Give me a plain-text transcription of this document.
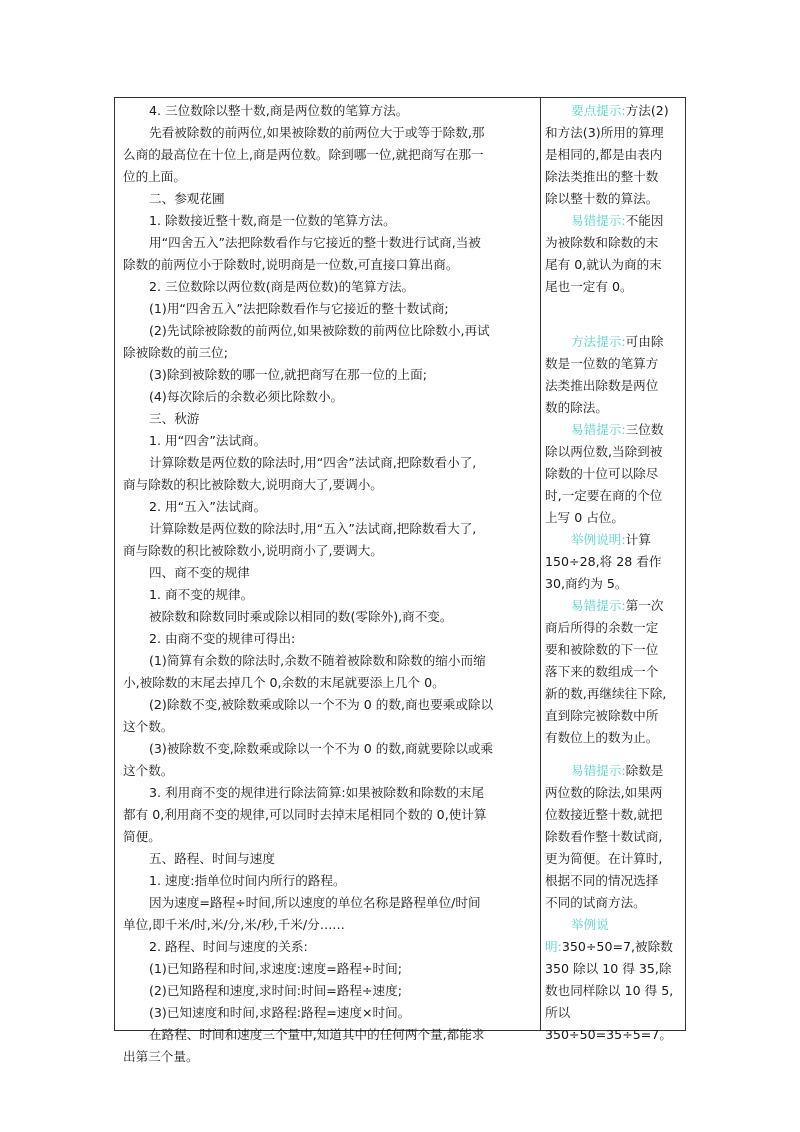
4. 三位数除以整十数,商是两位数的笔算方法。
先看被除数的前两位,如果被除数的前两位大于或等于除数,那
么商的最高位在十位上,商是两位数。除到哪一位,就把商写在那一
位的上面。
二、参观花圃
1. 除数接近整十数,商是一位数的笔算方法。
用“四舍五入”法把除数看作与它接近的整十数进行试商,当被
除数的前两位小于除数时,说明商是一位数,可直接口算出商。
2. 三位数除以两位数(商是两位数)的笔算方法。
(1)用“四舍五入”法把除数看作与它接近的整十数试商;
(2)先试除被除数的前两位,如果被除数的前两位比除数小,再试
除被除数的前三位;
(3)除到被除数的哪一位,就把商写在那一位的上面;
(4)每次除后的余数必须比除数小。
三、秋游
1. 用“四舍”法试商。
计算除数是两位数的除法时,用“四舍”法试商,把除数看小了,
商与除数的积比被除数大,说明商大了,要调小。
2. 用“五入”法试商。
计算除数是两位数的除法时,用“五入”法试商,把除数看大了,
商与除数的积比被除数小,说明商小了,要调大。
四、商不变的规律
1. 商不变的规律。
被除数和除数同时乘或除以相同的数(零除外),商不变。
2. 由商不变的规律可得出:
(1)简算有余数的除法时,余数不随着被除数和除数的缩小而缩
小,被除数的末尾去掉几个 0,余数的末尾就要添上几个 0。
(2)除数不变,被除数乘或除以一个不为 0 的数,商也要乘或除以
这个数。
(3)被除数不变,除数乘或除以一个不为 0 的数,商就要除以或乘
这个数。
3. 利用商不变的规律进行除法简算:如果被除数和除数的末尾
都有 0,利用商不变的规律,可以同时去掉末尾相同个数的 0,使计算
简便。
五、路程、时间与速度
1. 速度:指单位时间内所行的路程。
因为速度=路程÷时间,所以速度的单位名称是路程单位/时间
单位,即千米/时,米/分,米/秒,千米/分……
2. 路程、时间与速度的关系:
(1)已知路程和时间,求速度:速度=路程÷时间;
(2)已知路程和速度,求时间:时间=路程÷速度;
(3)已知速度和时间,求路程:路程=速度×时间。
在路程、时间和速度三个量中,知道其中的任何两个量,都能求
出第三个量。
要点提示:方法(2)
和方法(3)所用的算理
是相同的,都是由表内
除法类推出的整十数
除以整十数的算法。
易错提示:不能因
为被除数和除数的末
尾有 0,就认为商的末
尾也一定有 0。
方法提示:可由除
数是一位数的笔算方
法类推出除数是两位
数的除法。
易错提示:三位数
除以两位数,当除到被
除数的十位可以除尽
时,一定要在商的个位
上写 0 占位。
举例说明:计算
150÷28,将 28 看作
30,商约为 5。
易错提示:第一次
商后所得的余数一定
要和被除数的下一位
落下来的数组成一个
新的数,再继续往下除,
直到除完被除数中所
有数位上的数为止。
易错提示:除数是
两位数的除法,如果两
位数接近整十数,就把
除数看作整十数试商,
更为简便。在计算时,
根据不同的情况选择
不同的试商方法。
举例说
明:350÷50=7,被除数
350 除以 10 得 35,除
数也同样除以 10 得 5,
所以
350÷50=35÷5=7。
